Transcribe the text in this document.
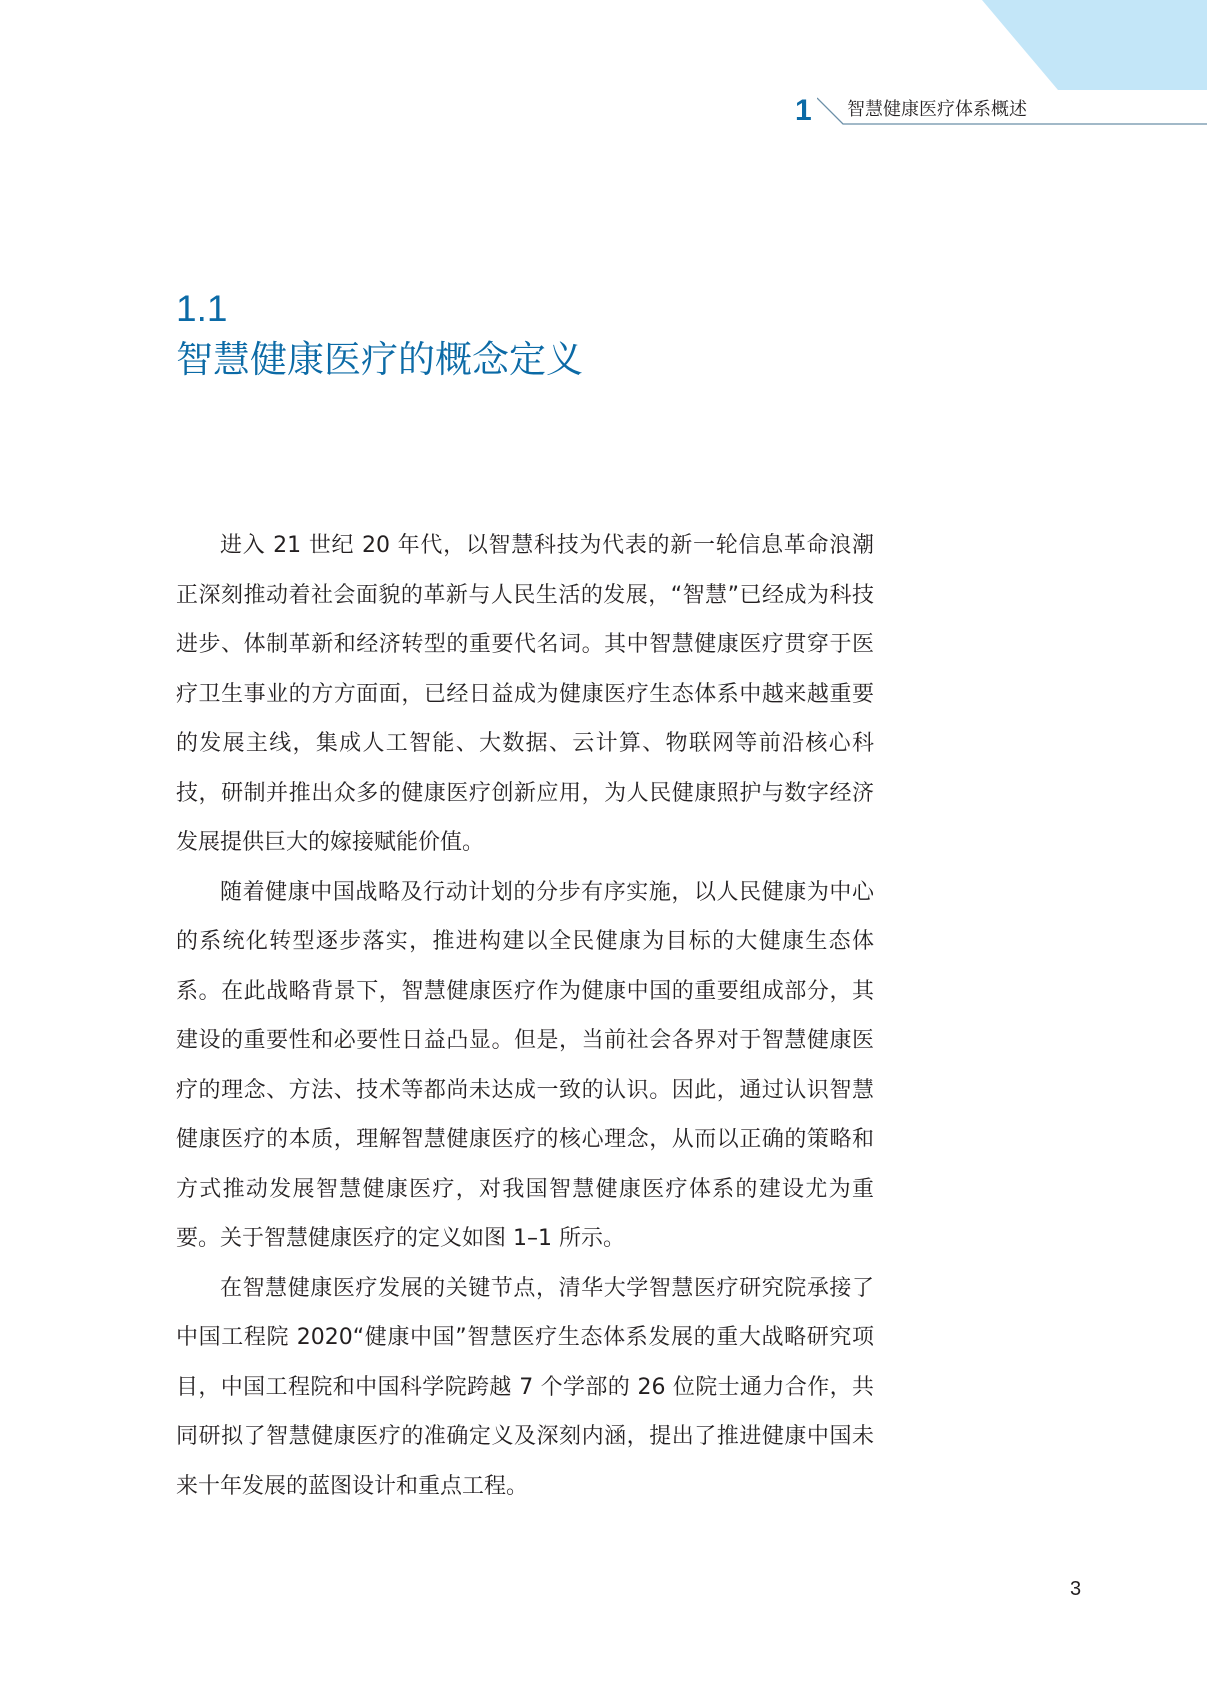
1 智慧健康医疗体系概述
1.1
智慧健康医疗的概念定义

进入 21 世纪 20 年代，以智慧科技为代表的新一轮信息革命浪潮正深刻推动着社会面貌的革新与人民生活的发展，“智慧”已经成为科技进步、体制革新和经济转型的重要代名词。其中智慧健康医疗贯穿于医疗卫生事业的方方面面，已经日益成为健康医疗生态体系中越来越重要的发展主线，集成人工智能、大数据、云计算、物联网等前沿核心科技，研制并推出众多的健康医疗创新应用，为人民健康照护与数字经济发展提供巨大的嫁接赋能价值。

随着健康中国战略及行动计划的分步有序实施，以人民健康为中心的系统化转型逐步落实，推进构建以全民健康为目标的大健康生态体系。在此战略背景下，智慧健康医疗作为健康中国的重要组成部分，其建设的重要性和必要性日益凸显。但是，当前社会各界对于智慧健康医疗的理念、方法、技术等都尚未达成一致的认识。因此，通过认识智慧健康医疗的本质，理解智慧健康医疗的核心理念，从而以正确的策略和方式推动发展智慧健康医疗，对我国智慧健康医疗体系的建设尤为重要。关于智慧健康医疗的定义如图 1–1 所示。

在智慧健康医疗发展的关键节点，清华大学智慧医疗研究院承接了中国工程院 2020“健康中国”智慧医疗生态体系发展的重大战略研究项目，中国工程院和中国科学院跨越 7 个学部的 26 位院士通力合作，共同研拟了智慧健康医疗的准确定义及深刻内涵，提出了推进健康中国未来十年发展的蓝图设计和重点工程。

3
